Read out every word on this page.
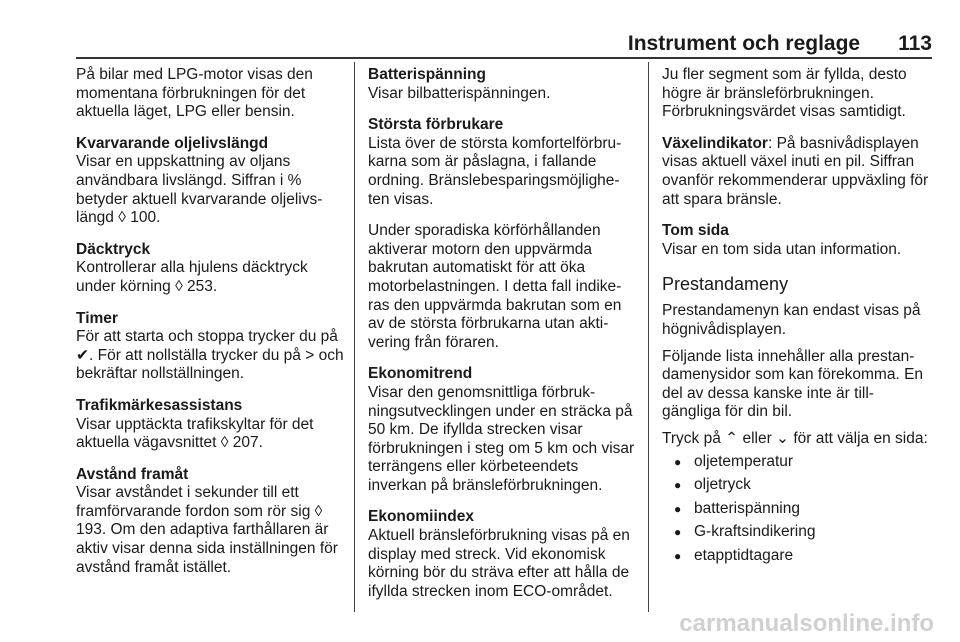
Instrument och reglage 113

På bilar med LPG-motor visas den momentana förbrukningen för det aktuella läget, LPG eller bensin.

Kvarvarande oljelivslängd

Visar en uppskattning av oljans användbara livslängd. Siffran i % betyder aktuell kvarvarande oljelivs-längd ◊ 100.

Däcktryck

Kontrollerar alla hjulens däcktryck under körning ◊ 253.

Timer

För att starta och stoppa trycker du på ✔. För att nollställa trycker du på > och bekräftar nollställningen.

Trafikmärkesassistans

Visar upptäckta trafikskyltar för det aktuella vägavsnittet ◊ 207.

Avstånd framåt

Visar avståndet i sekunder till ett framförvarande fordon som rör sig ◊ 193. Om den adaptiva farthållaren är aktiv visar denna sida inställningen för avstånd framåt istället.

Batterispänning

Visar bilbatterispänningen.

Största förbrukare

Lista över de största komfortelförbru-karna som är påslagna, i fallande ordning. Bränslebesparingsmöjlighe-ten visas.

Under sporadiska körförhållanden aktiverar motorn den uppvärmda bakrutan automatiskt för att öka motorbelastningen. I detta fall indike-ras den uppvärmda bakrutan som en av de största förbrukarna utan akti-vering från föraren.

Ekonomitrend

Visar den genomsnittliga förbruk-ningsutvecklingen under en sträcka på 50 km. De ifyllda strecken visar förbrukningen i steg om 5 km och visar terrängens eller körbeteendets inverkan på bränsleförbrukningen.

Ekonomiindex

Aktuell bränsleförbrukning visas på en display med streck. Vid ekonomisk körning bör du sträva efter att hålla de ifyllda strecken inom ECO-området.

Ju fler segment som är fyllda, desto högre är bränsleförbrukningen.

Förbrukningsvärdet visas samtidigt.

Växelindikator: På basnivådisplayen visas aktuell växel inuti en pil. Siffran ovanför rekommenderar uppväxling för att spara bränsle.

Tom sida

Visar en tom sida utan information.

Prestandameny

Prestandamenyn kan endast visas på högnivådisplayen.

Följande lista innehåller alla prestan-damenysidor som kan förekomma. En del av dessa kanske inte är till-gängliga för din bil.

Tryck på ⌃ eller ⌄ för att välja en sida:

● oljetemperatur
● oljetryck
● batterispänning
● G-kraftsindikering
● etapptidtagare
carmanualsonline.info
